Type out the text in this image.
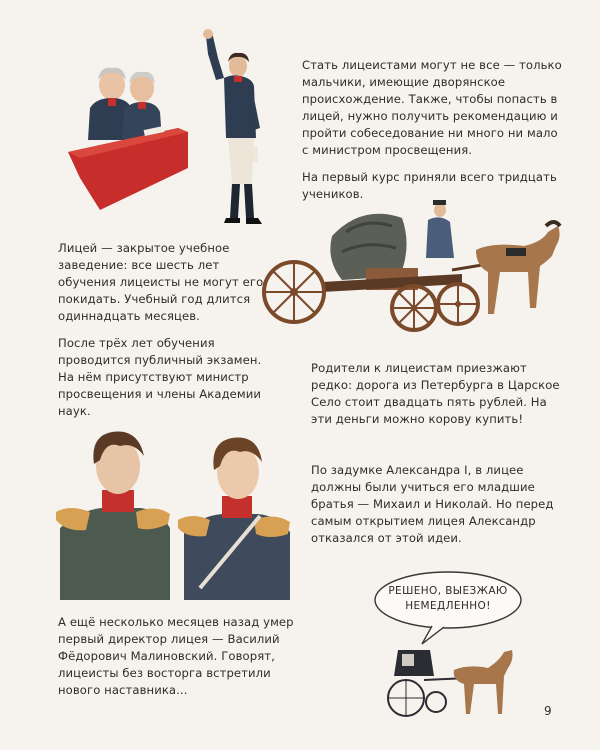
РЕШЕНО, ВЫЕЗЖАЮ НЕМЕДЛЕННО!

Стать лицеистами могут не все — только мальчики, имеющие дворянское происхождение. Также, чтобы попасть в лицей, нужно получить рекомендацию и пройти собеседование ни много ни мало с министром просвещения.

На первый курс приняли всего тридцать учеников.

Лицей — закрытое учебное заведение: все шесть лет обучения лицеисты не могут его покидать. Учебный год длится одиннадцать месяцев.

После трёх лет обучения проводится публичный экзамен. На нём присутствуют министр просвещения и члены Академии наук.

Родители к лицеистам приезжают редко: дорога из Петербурга в Царское Село стоит двадцать пять рублей. На эти деньги можно корову купить!

По задумке Александра I, в лицее должны были учиться его младшие братья — Михаил и Николай. Но перед самым открытием лицея Александр отказался от этой идеи.

А ещё несколько месяцев назад умер первый директор лицея — Василий Фёдорович Малиновский. Говорят, лицеисты без восторга встретили нового наставника...

9
